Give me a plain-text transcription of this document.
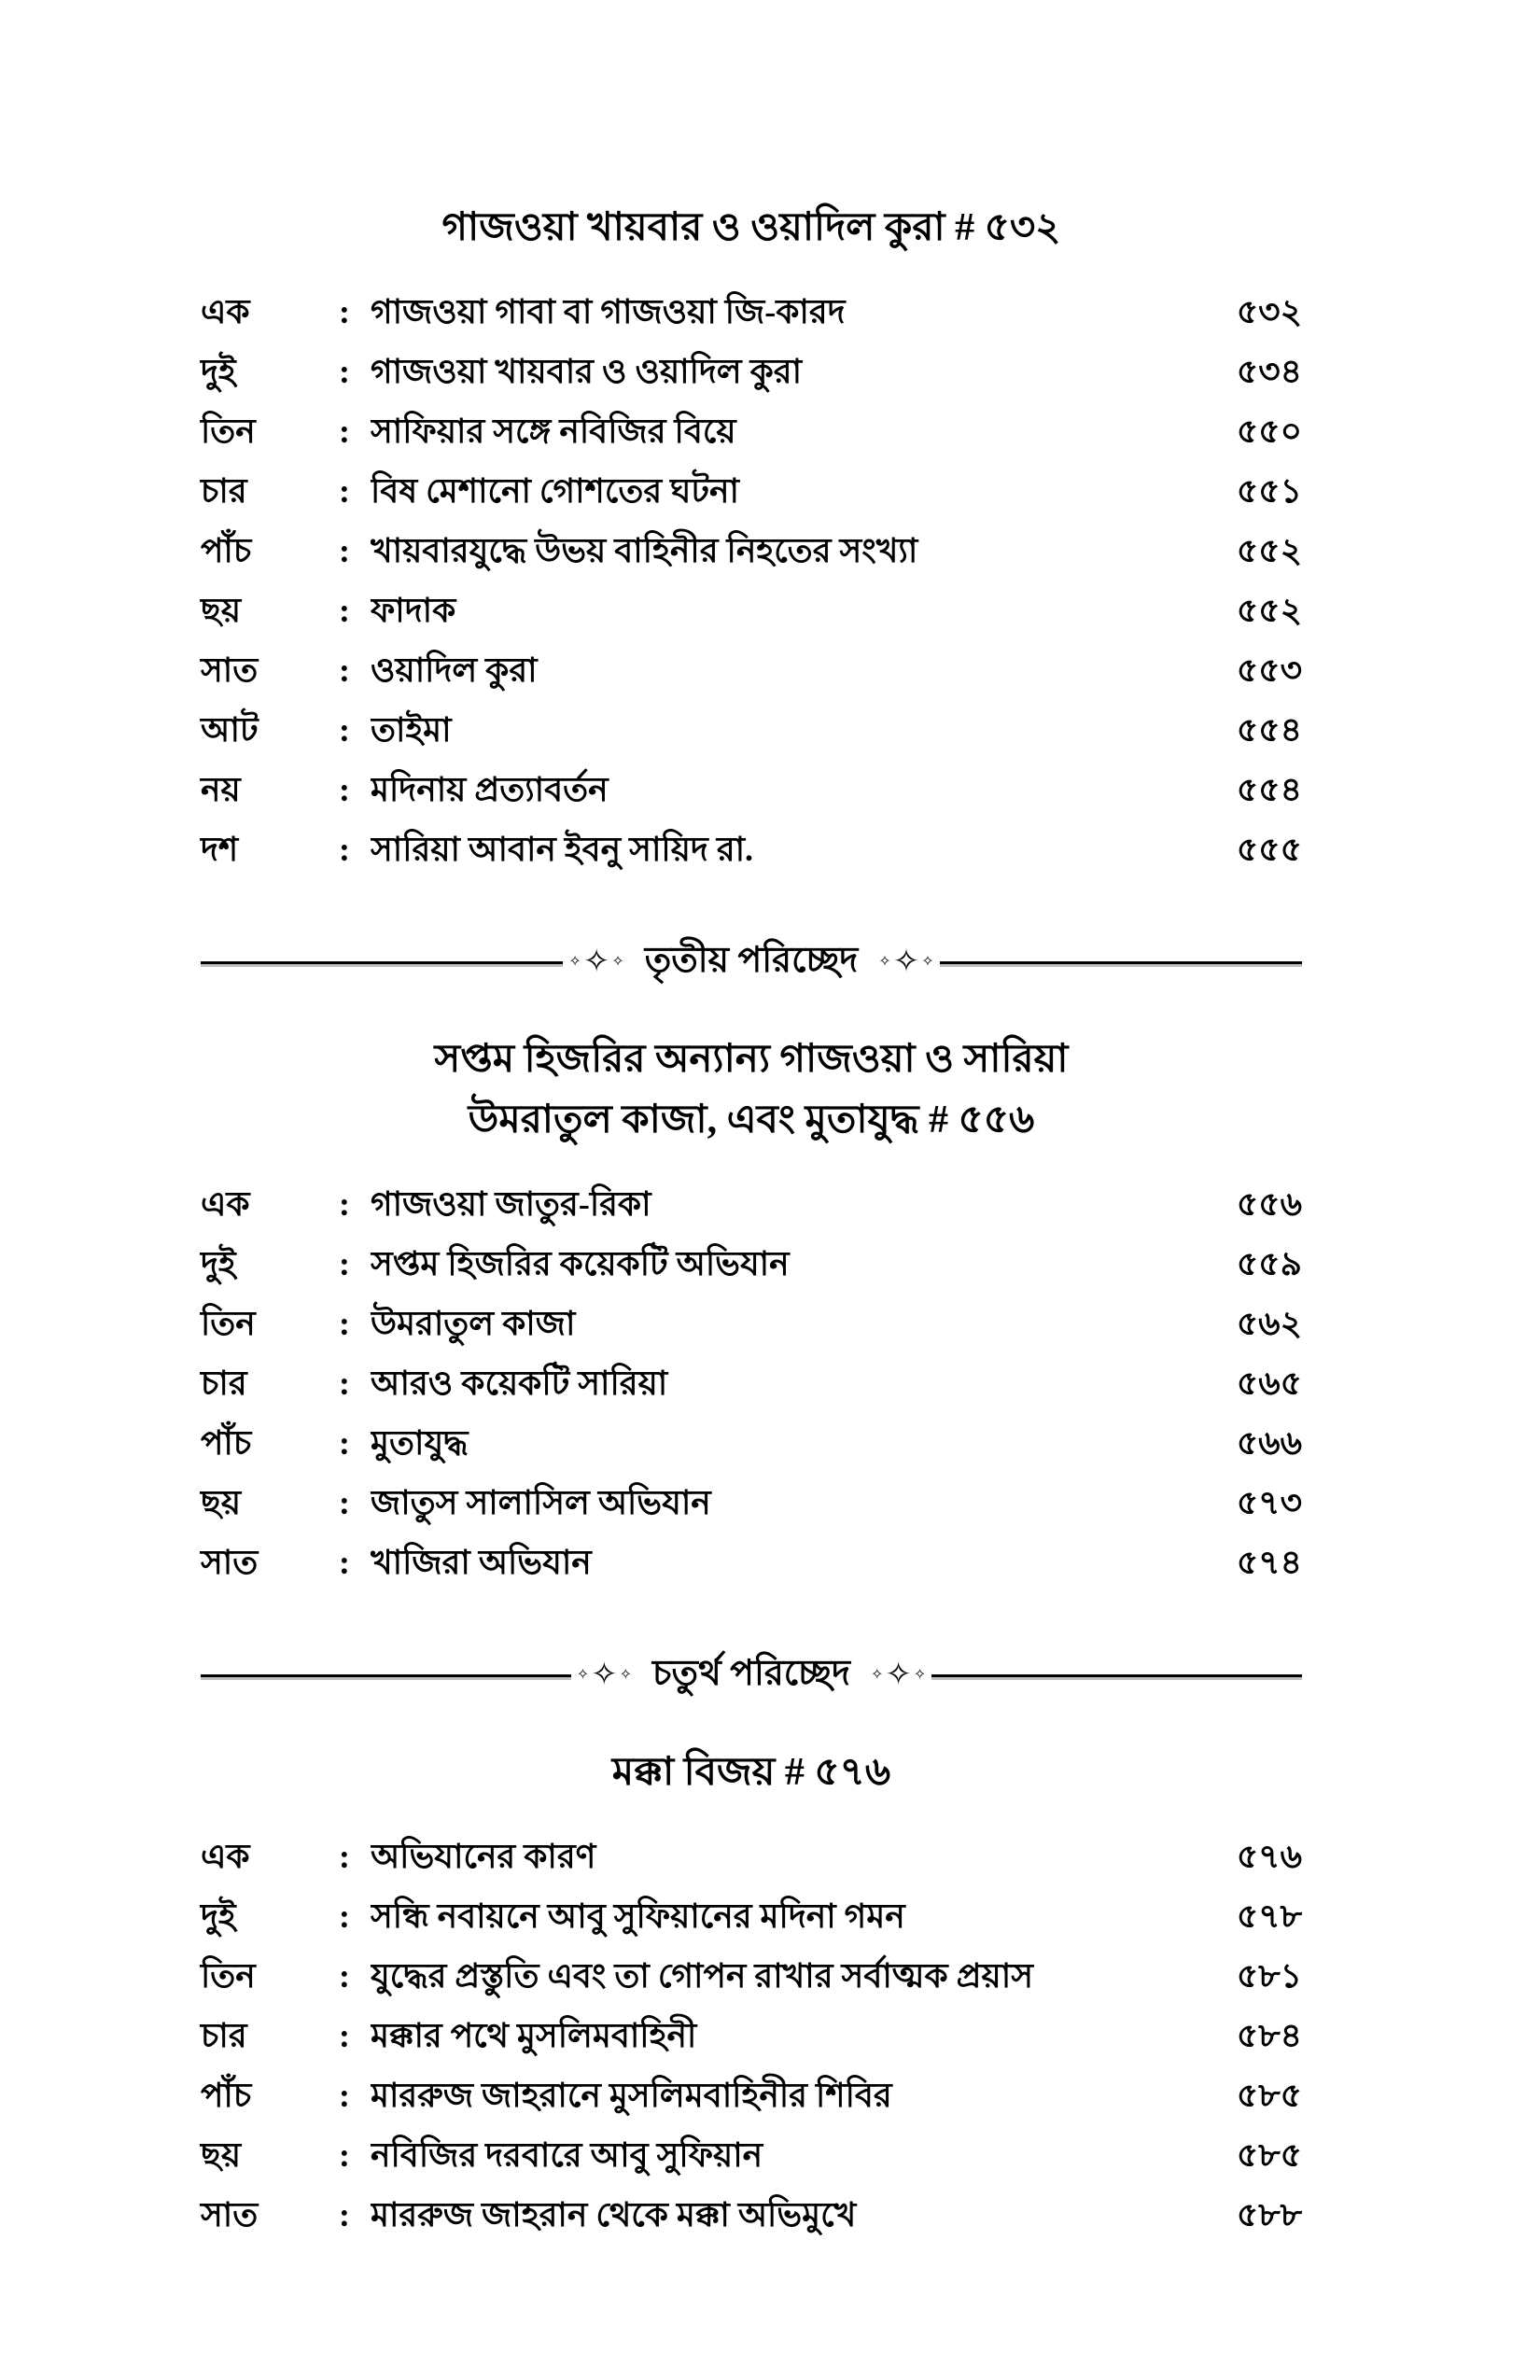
গাজওয়া খায়বার ও ওয়াদিল কুরা # ৫৩২
এক	: গাজওয়া গাবা বা গাজওয়া জি-কারদ	৫৩২
দুই	: গাজওয়া খায়বার ও ওয়াদিল কুরা	৫৩৪
তিন	: সাফিয়ার সঙ্গে নবিজির বিয়ে	৫৫০
চার	: বিষ মেশানো গোশতের ঘটনা	৫৫১
পাঁচ	: খায়বারযুদ্ধে উভয় বাহিনীর নিহতের সংখ্যা	৫৫২
ছয়	: ফাদাক	৫৫২
সাত	: ওয়াদিল কুরা	৫৫৩
আট	: তাইমা	৫৫৪
নয়	: মদিনায় প্রত্যাবর্তন	৫৫৪
দশ	: সারিয়া আবান ইবনু সায়িদ রা.	৫৫৫
✧ ✧ ✧ তৃতীয় পরিচ্ছেদ ✧ ✧ ✧
সপ্তম হিজরির অন্যান্য গাজওয়া ও সারিয়া
উমরাতুল কাজা, এবং মুতাযুদ্ধ # ৫৫৬
এক	: গাজওয়া জাতুর-রিকা	৫৫৬
দুই	: সপ্তম হিজরির কয়েকটি অভিযান	৫৫৯
তিন	: উমরাতুল কাজা	৫৬২
চার	: আরও কয়েকটি সারিয়া	৫৬৫
পাঁচ	: মুতাযুদ্ধ	৫৬৬
ছয়	: জাতুস সালাসিল অভিযান	৫৭৩
সাত	: খাজিরা অভিযান	৫৭৪
✧ ✧ ✧ চতুর্থ পরিচ্ছেদ ✧ ✧ ✧
মক্কা বিজয় # ৫৭৬
এক	: অভিযানের কারণ	৫৭৬
দুই	: সন্ধি নবায়নে আবু সুফিয়ানের মদিনা গমন	৫৭৮
তিন	: যুদ্ধের প্রস্তুতি এবং তা গোপন রাখার সর্বাত্মক প্রয়াস	৫৮১
চার	: মক্কার পথে মুসলিমবাহিনী	৫৮৪
পাঁচ	: মাররুজ জাহরানে মুসলিমবাহিনীর শিবির	৫৮৫
ছয়	: নবিজির দরবারে আবু সুফিয়ান	৫৮৫
সাত	: মাররুজ জাহরান থেকে মক্কা অভিমুখে	৫৮৮
